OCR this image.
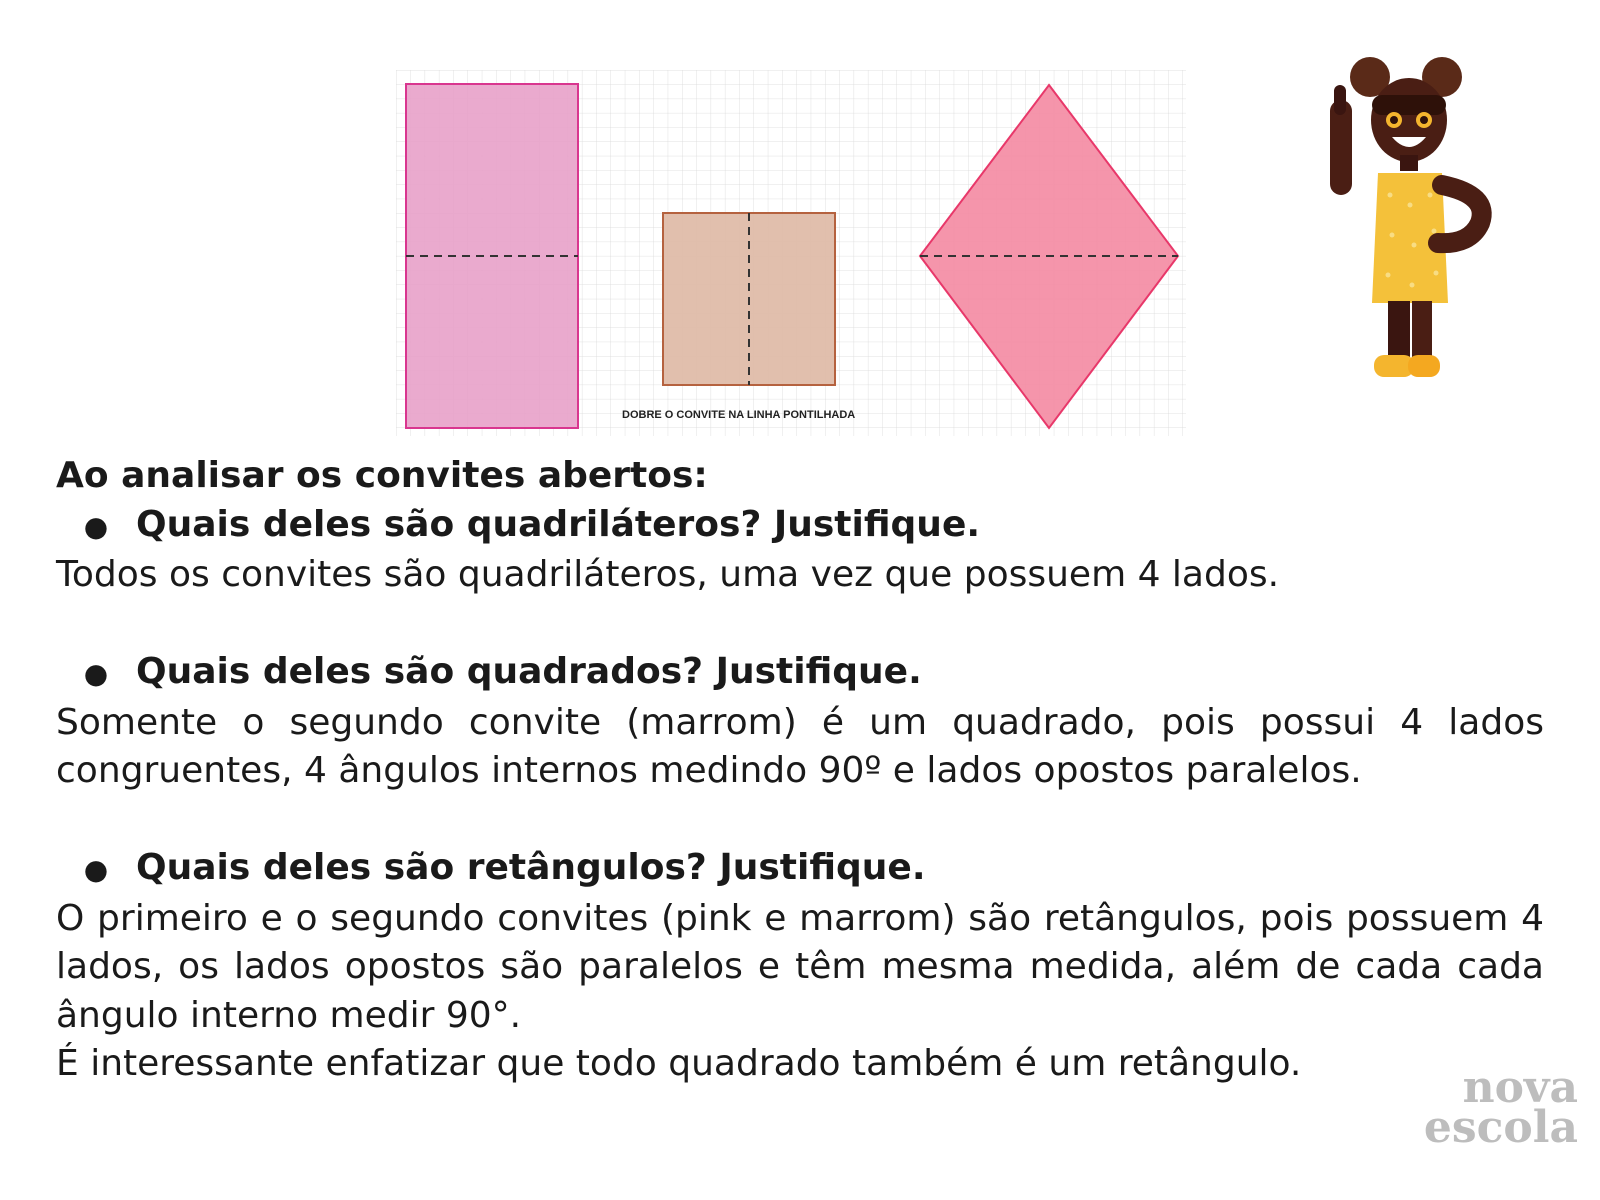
DOBRE O CONVITE NA LINHA PONTILHADA
Ao analisar os convites abertos:
● Quais deles são quadriláteros? Justifique.
Todos os convites são quadriláteros, uma vez que possuem 4 lados.
● Quais deles são quadrados? Justifique.
Somente o segundo convite (marrom) é um quadrado, pois possui 4 lados congruentes, 4 ângulos internos medindo 90º e lados opostos paralelos.
● Quais deles são retângulos? Justifique.
O primeiro e o segundo convites (pink e marrom) são retângulos, pois possuem 4 lados, os lados opostos são paralelos e têm mesma medida, além de cada cada ângulo interno medir 90°.
É interessante enfatizar que todo quadrado também é um retângulo.	nova
escola
